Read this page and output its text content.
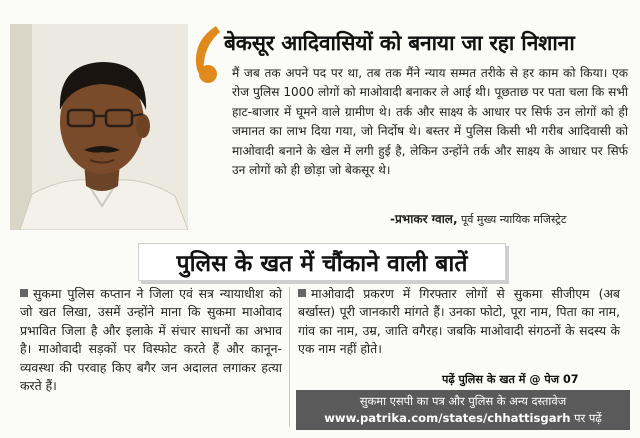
बेकसूर आदिवासियों को बनाया जा रहा निशाना
मैं जब तक अपने पद पर था, तब तक मैंने न्याय सम्मत तरीके से हर काम को किया। एक रोज पुलिस 1000 लोगों को माओवादी बनाकर ले आई थी। पूछताछ पर पता चला कि सभी हाट-बाजार में घूमने वाले ग्रामीण थे। तर्क और साक्ष्य के आधार पर सिर्फ उन लोगों को ही जमानत का लाभ दिया गया, जो निर्दोष थे। बस्तर में पुलिस किसी भी गरीब आदिवासी को माओवादी बनाने के खेल में लगी हुई है, लेकिन उन्होंने तर्क और साक्ष्य के आधार पर सिर्फ उन लोगों को ही छोड़ा जो बेकसूर थे।
-प्रभाकर ग्वाल, पूर्व मुख्य न्यायिक मजिस्ट्रेट
पुलिस के खत में चौंकाने वाली बातें
सुकमा पुलिस कप्तान ने जिला एवं सत्र न्यायाधीश को जो खत लिखा, उसमें उन्होंने माना कि सुकमा माओवाद प्रभावित जिला है और इलाके में संचार साधनों का अभाव है। माओवादी सड़कों पर विस्फोट करते हैं और कानून-व्यवस्था की परवाह किए बगैर जन अदालत लगाकर हत्या करते हैं।
माओवादी प्रकरण में गिरफ्तार लोगों से सुकमा सीजीएम (अब बर्खास्त) पूरी जानकारी मांगते हैं। उनका फोटो, पूरा नाम, पिता का नाम, गांव का नाम, उम्र, जाति वगैरह। जबकि माओवादी संगठनों के सदस्य के एक नाम नहीं होते।
पढ़ें पुलिस के खत में @ पेज 07
सुकमा एसपी का पत्र और पुलिस के अन्य दस्तावेज
www.patrika.com/states/chhattisgarh पर पढ़ें
